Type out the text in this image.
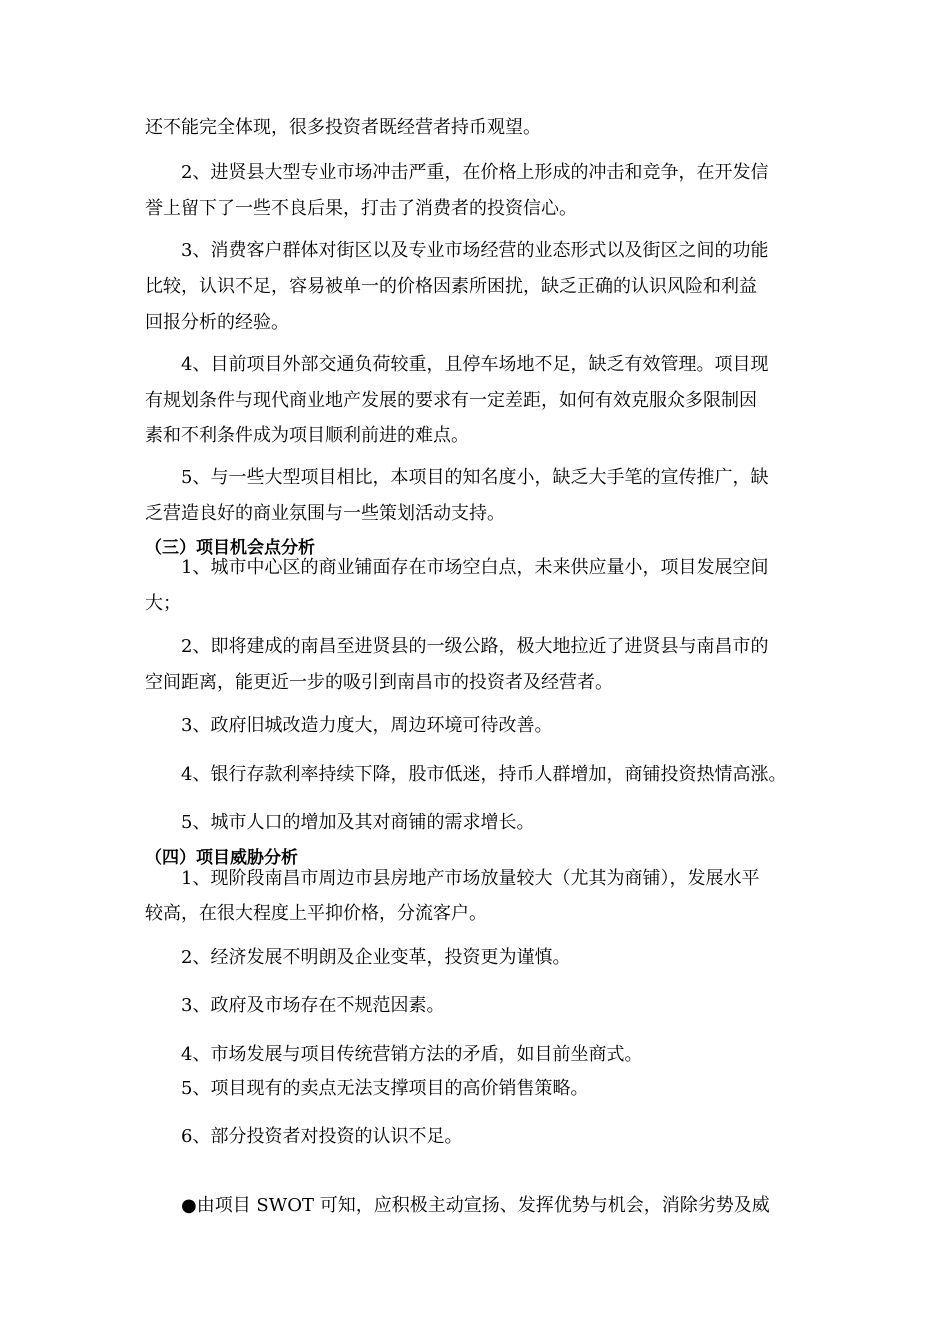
还不能完全体现，很多投资者既经营者持币观望。
2、进贤县大型专业市场冲击严重，在价格上形成的冲击和竞争，在开发信
誉上留下了一些不良后果，打击了消费者的投资信心。
3、消费客户群体对街区以及专业市场经营的业态形式以及街区之间的功能
比较，认识不足，容易被单一的价格因素所困扰，缺乏正确的认识风险和利益
回报分析的经验。
4、目前项目外部交通负荷较重，且停车场地不足，缺乏有效管理。项目现
有规划条件与现代商业地产发展的要求有一定差距，如何有效克服众多限制因
素和不利条件成为项目顺利前进的难点。
5、与一些大型项目相比，本项目的知名度小，缺乏大手笔的宣传推广，缺
乏营造良好的商业氛围与一些策划活动支持。
（三）项目机会点分析
1、城市中心区的商业铺面存在市场空白点，未来供应量小，项目发展空间
大；
2、即将建成的南昌至进贤县的一级公路，极大地拉近了进贤县与南昌市的
空间距离，能更近一步的吸引到南昌市的投资者及经营者。
3、政府旧城改造力度大，周边环境可待改善。
4、银行存款利率持续下降，股市低迷，持币人群增加，商铺投资热情高涨。
5、城市人口的增加及其对商铺的需求增长。
（四）项目威胁分析
1、现阶段南昌市周边市县房地产市场放量较大（尤其为商铺），发展水平
较高，在很大程度上平抑价格，分流客户。
2、经济发展不明朗及企业变革，投资更为谨慎。
3、政府及市场存在不规范因素。
4、市场发展与项目传统营销方法的矛盾，如目前坐商式。
5、项目现有的卖点无法支撑项目的高价销售策略。
6、部分投资者对投资的认识不足。
●由项目 SWOT 可知，应积极主动宣扬、发挥优势与机会，消除劣势及威
